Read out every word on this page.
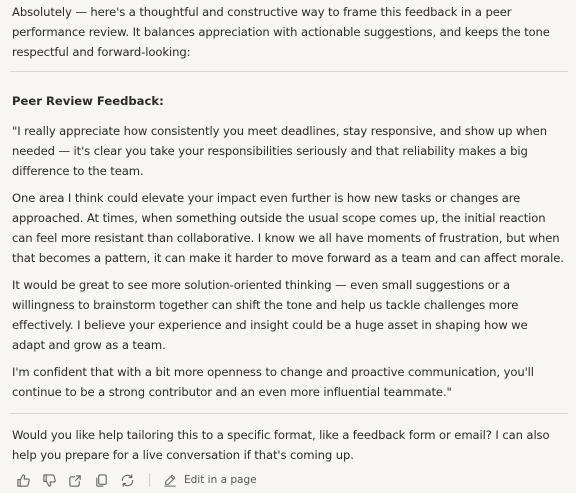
Absolutely — here's a thoughtful and constructive way to frame this feedback in a peer performance review. It balances appreciation with actionable suggestions, and keeps the tone respectful and forward-looking:

Peer Review Feedback:

"I really appreciate how consistently you meet deadlines, stay responsive, and show up when needed — it's clear you take your responsibilities seriously and that reliability makes a big difference to the team.

One area I think could elevate your impact even further is how new tasks or changes are approached. At times, when something outside the usual scope comes up, the initial reaction can feel more resistant than collaborative. I know we all have moments of frustration, but when that becomes a pattern, it can make it harder to move forward as a team and can affect morale.

It would be great to see more solution-oriented thinking — even small suggestions or a willingness to brainstorm together can shift the tone and help us tackle challenges more effectively. I believe your experience and insight could be a huge asset in shaping how we adapt and grow as a team.

I'm confident that with a bit more openness to change and proactive communication, you'll continue to be a strong contributor and an even more influential teammate."

Would you like help tailoring this to a specific format, like a feedback form or email? I can also help you prepare for a live conversation if that's coming up.

Edit in a page
